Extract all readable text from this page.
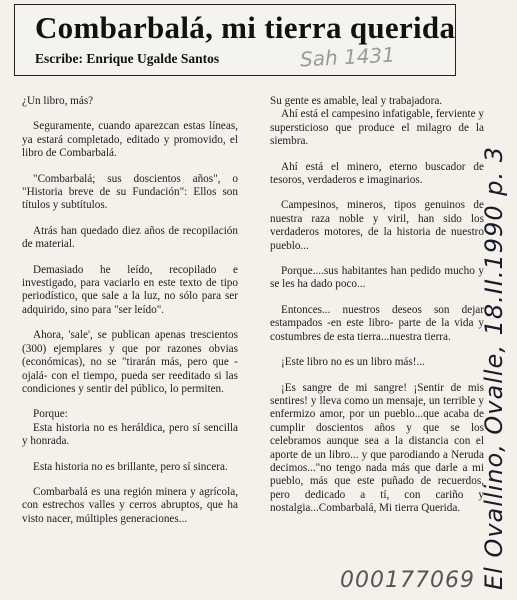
Combarbalá, mi tierra querida
Escribe: Enrique Ugalde Santos	Sah 1431

¿Un libro, más?

Seguramente, cuando aparezcan estas líneas, ya estará completado, editado y promovido, el libro de Combarbalá.

"Combarbalá; sus doscientos años", o "Historia breve de su Fundación": Ellos son títulos y subtítulos.

Atrás han quedado diez años de recopilación de material.

Demasiado he leído, recopilado e investigado, para vaciarlo en este texto de tipo periodístico, que sale a la luz, no sólo para ser adquirido, sino para "ser leído".

Ahora, 'sale', se publican apenas trescientos (300) ejemplares y que por razones obvias (económicas), no se "tirarán más, pero que -ojalá- con el tiempo, pueda ser reeditado si las condiciones y sentir del público, lo permiten.

Porque:

Esta historia no es heráldica, pero sí sencilla y honrada.

Esta historia no es brillante, pero sí sincera.

Combarbalá es una región minera y agrícola, con estrechos valles y cerros abruptos, que ha visto nacer, múltiples generaciones...

Su gente es amable, leal y trabajadora.

Ahí está el campesino infatigable, ferviente y supersticioso que produce el milagro de la siembra.

Ahí está el minero, eterno buscador de tesoros, verdaderos e imaginarios.

Campesinos, mineros, tipos genuinos de nuestra raza noble y viril, han sido los verdaderos motores, de la historia de nuestro pueblo...

Porque....sus habitantes han pedido mucho y se les ha dado poco...

Entonces... nuestros deseos son dejar estampados -en este libro- parte de la vida y costumbres de esta tierra...nuestra tierra.

¡Este libro no es un libro más!...

¡Es sangre de mi sangre! ¡Sentir de mis sentires! y lleva como un mensaje, un terrible y enfermizo amor, por un pueblo...que acaba de cumplir doscientos años y que se los celebramos aunque sea a la distancia con el aporte de un libro... y que parodiando a Neruda decimos..."no tengo nada más que darle a mi pueblo, más que este puñado de recuerdos, pero dedicado a tí, con cariño y nostalgia...Combarbalá, Mi tierra Querida. El Ovallino, Ovalle, 18.II.1990 p. 3
000177069
